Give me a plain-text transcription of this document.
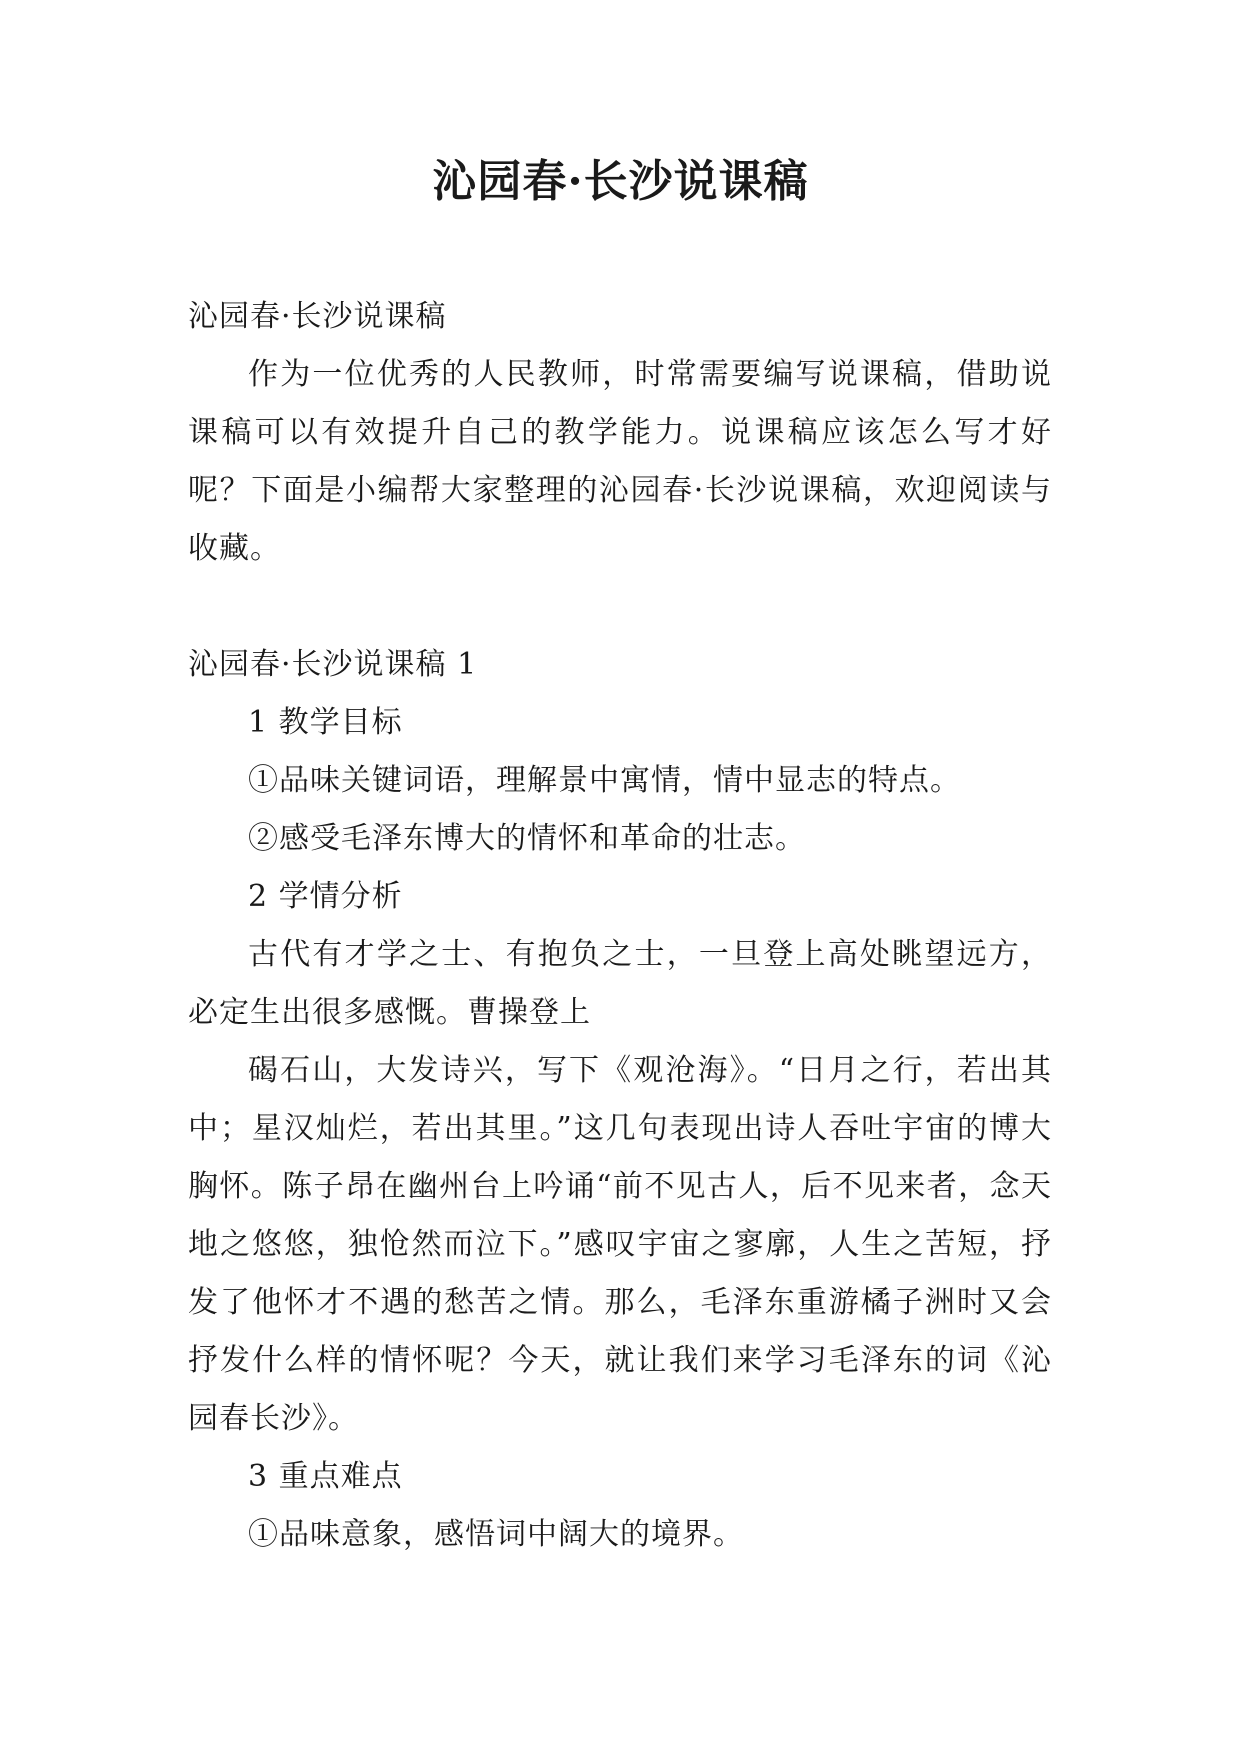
沁园春·长沙说课稿

沁园春·长沙说课稿

作为一位优秀的人民教师，时常需要编写说课稿，借助说课稿可以有效提升自己的教学能力。说课稿应该怎么写才好呢？下面是小编帮大家整理的沁园春·长沙说课稿，欢迎阅读与收藏。

沁园春·长沙说课稿 1

1 教学目标

①品味关键词语，理解景中寓情，情中显志的特点。

②感受毛泽东博大的情怀和革命的壮志。

2 学情分析

古代有才学之士、有抱负之士，一旦登上高处眺望远方，必定生出很多感慨。曹操登上

碣石山，大发诗兴，写下《观沧海》。“日月之行，若出其中；星汉灿烂，若出其里。”这几句表现出诗人吞吐宇宙的博大胸怀。陈子昂在幽州台上吟诵“前不见古人，后不见来者，念天地之悠悠，独怆然而泣下。”感叹宇宙之寥廓，人生之苦短，抒发了他怀才不遇的愁苦之情。那么，毛泽东重游橘子洲时又会抒发什么样的情怀呢？今天，就让我们来学习毛泽东的词《沁园春长沙》。

3 重点难点

①品味意象，感悟词中阔大的境界。
